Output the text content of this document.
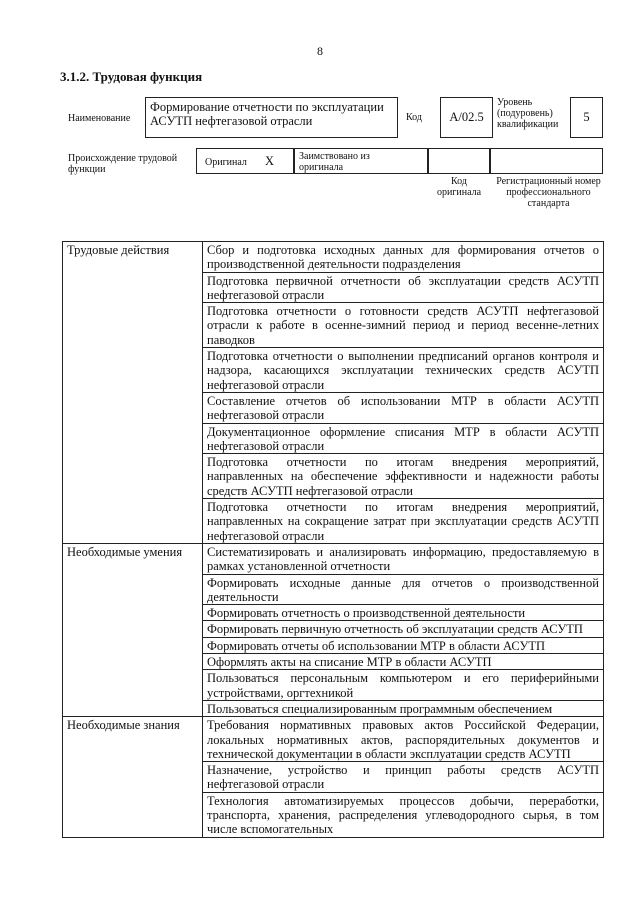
8
3.1.2. Трудовая функция
Наименование
Формирование отчетности по эксплуатации АСУТП нефтегазовой отрасли	Код А/02.5
Уровень (подуровень) квалификации
5
Происхождение трудовой функции
Оригинал X Заимствовано из оригинала
Код оригинала
Регистрационный номер профессионального стандарта
Трудовые действия	Сбор и подготовка исходных данных для формирования отчетов о производственной деятельности подразделения
	Подготовка первичной отчетности об эксплуатации средств АСУТП нефтегазовой отрасли
	Подготовка отчетности о готовности средств АСУТП нефтегазовой отрасли к работе в осенне-зимний период и период весенне-летних паводков
	Подготовка отчетности о выполнении предписаний органов контроля и надзора, касающихся эксплуатации технических средств АСУТП нефтегазовой отрасли
	Составление отчетов об использовании МТР в области АСУТП нефтегазовой отрасли
	Документационное оформление списания МТР в области АСУТП нефтегазовой отрасли
	Подготовка отчетности по итогам внедрения мероприятий, направленных на обеспечение эффективности и надежности работы средств АСУТП нефтегазовой отрасли
	Подготовка отчетности по итогам внедрения мероприятий, направленных на сокращение затрат при эксплуатации средств АСУТП нефтегазовой отрасли
Необходимые умения	Систематизировать и анализировать информацию, предоставляемую в рамках установленной отчетности
	Формировать исходные данные для отчетов о производственной деятельности
	Формировать отчетность о производственной деятельности
	Формировать первичную отчетность об эксплуатации средств АСУТП
	Формировать отчеты об использовании МТР в области АСУТП
	Оформлять акты на списание МТР в области АСУТП
	Пользоваться персональным компьютером и его периферийными устройствами, оргтехникой
	Пользоваться специализированным программным обеспечением
Необходимые знания	Требования нормативных правовых актов Российской Федерации, локальных нормативных актов, распорядительных документов и технической документации в области эксплуатации средств АСУТП
	Назначение, устройство и принцип работы средств АСУТП нефтегазовой отрасли
	Технология автоматизируемых процессов добычи, переработки, транспорта, хранения, распределения углеводородного сырья, в том числе вспомогательных
